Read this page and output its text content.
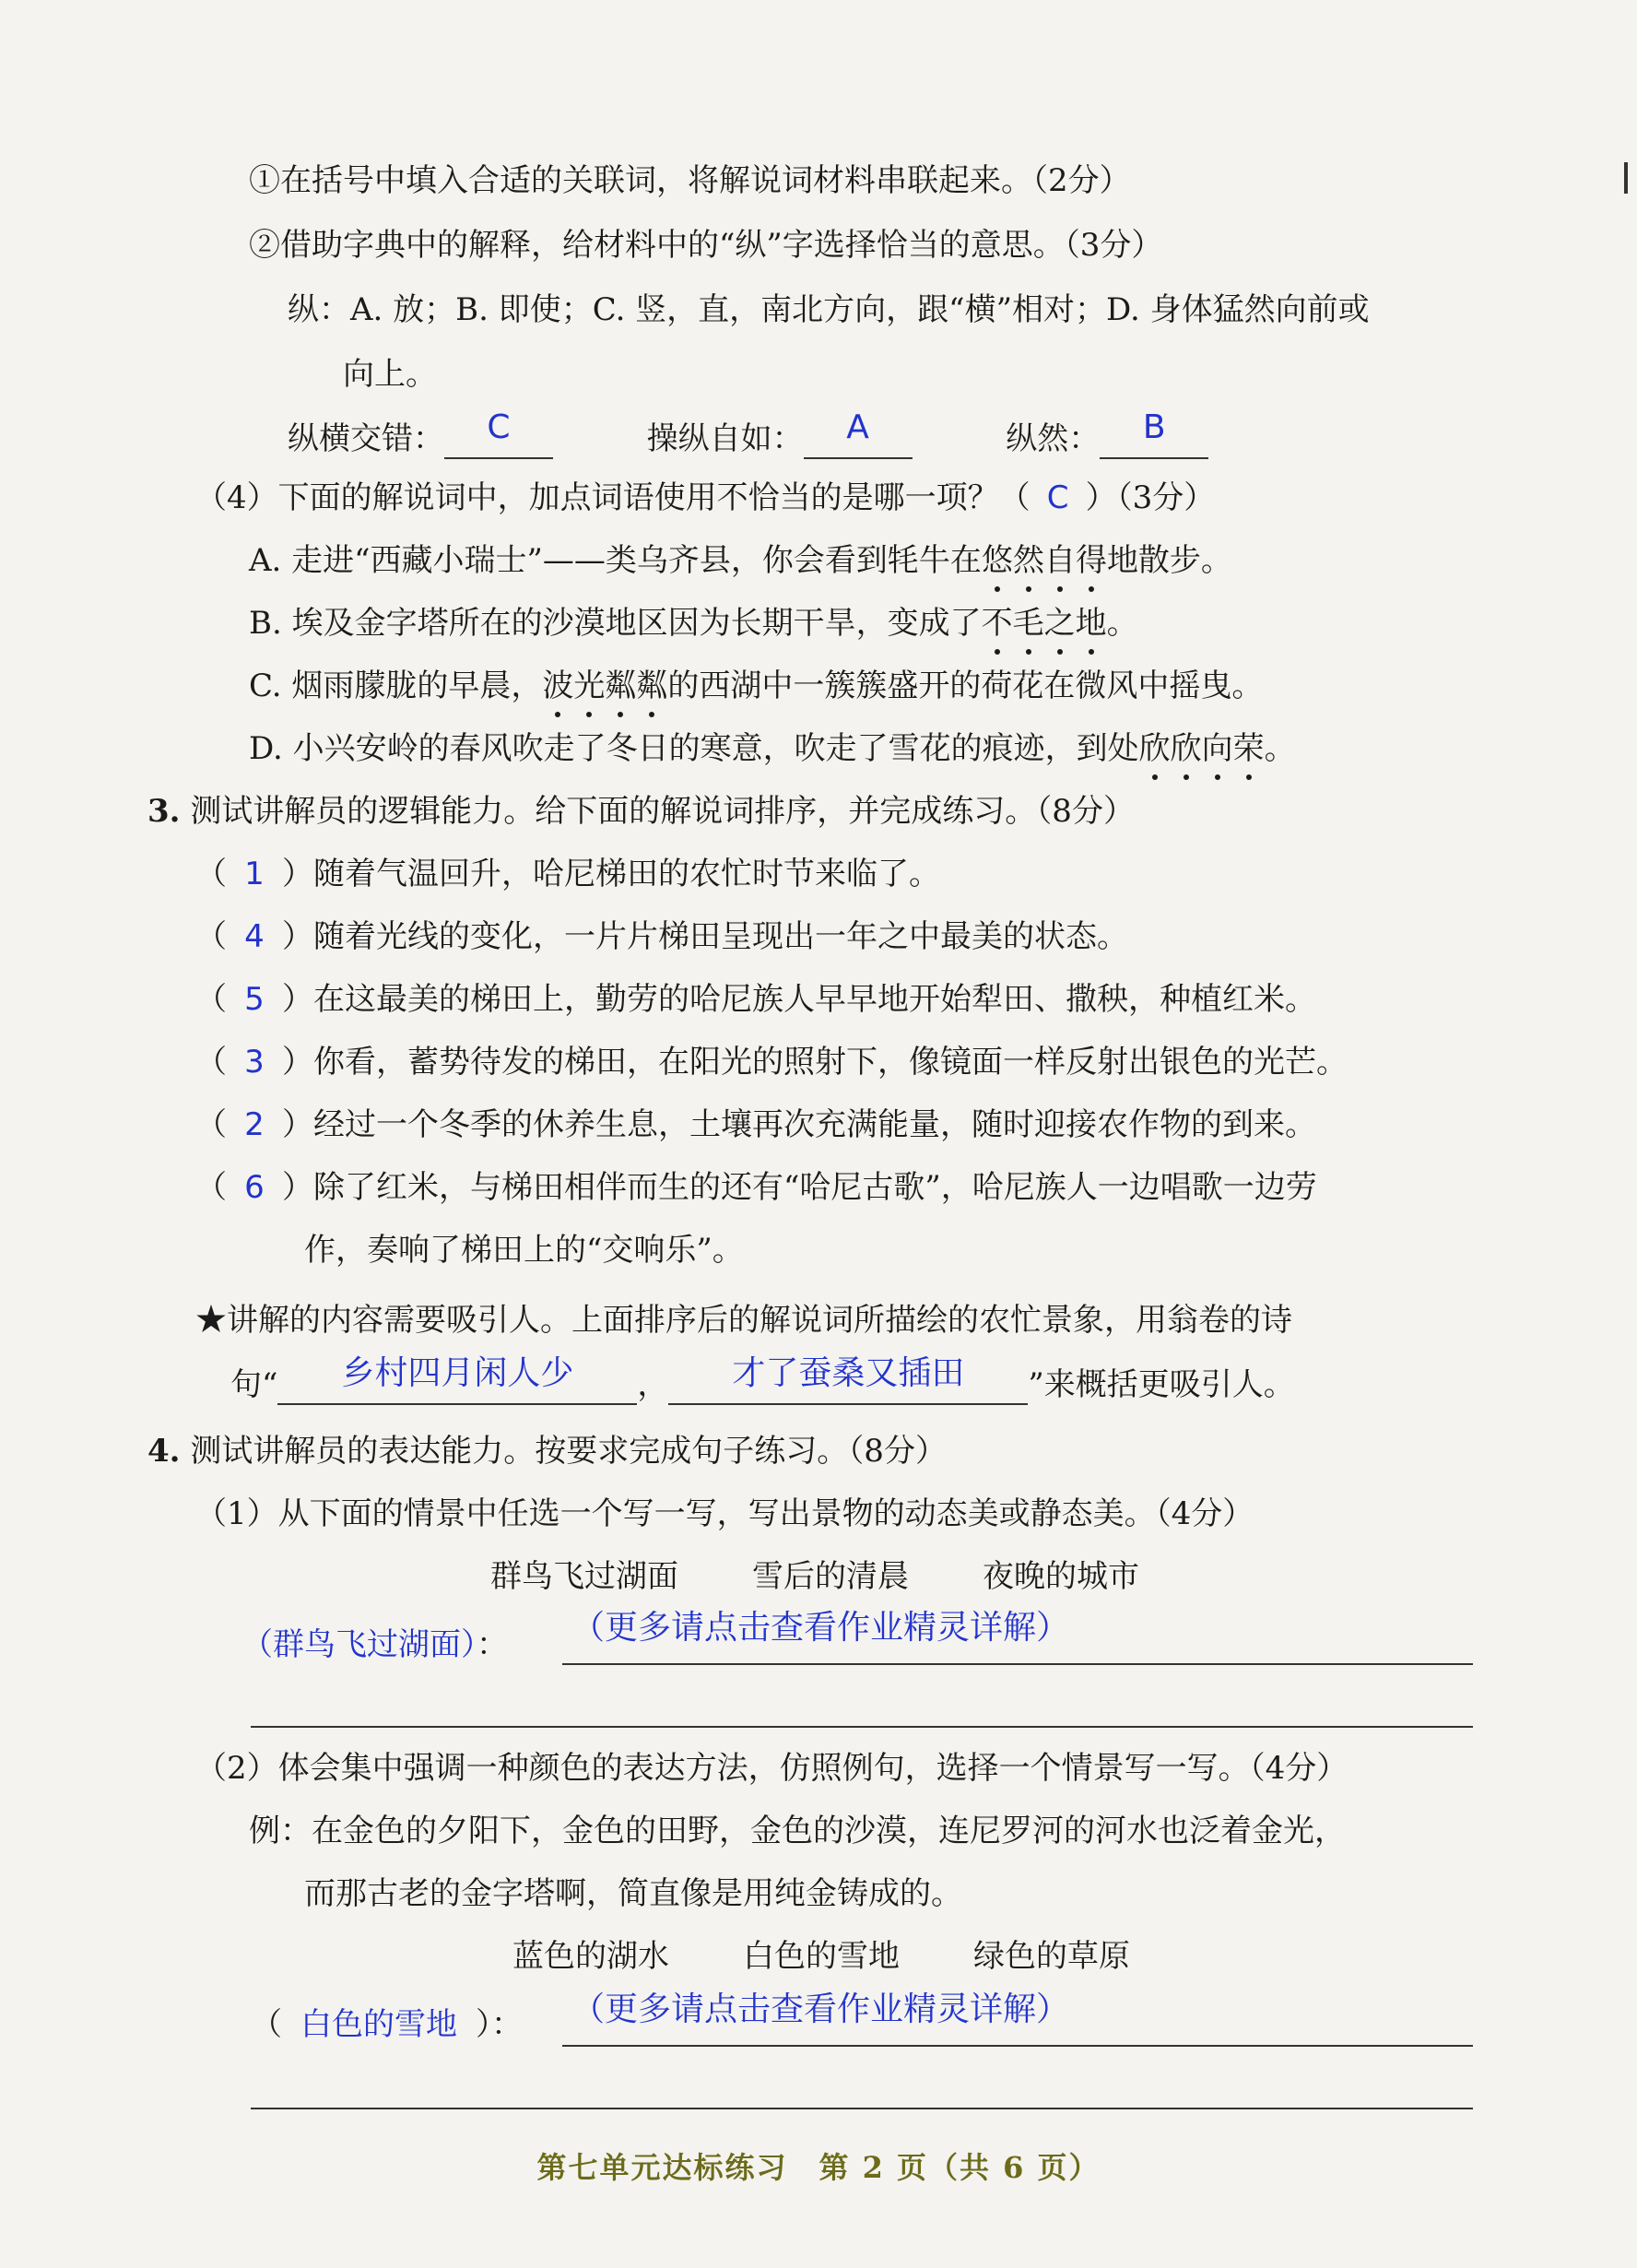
①在括号中填入合适的关联词，将解说词材料串联起来。（2分）
②借助字典中的解释，给材料中的“纵”字选择恰当的意思。（3分）
纵：A. 放；B. 即使；C. 竖，直，南北方向，跟“横”相对；D. 身体猛然向前或
向上。
纵横交错：	C	操纵自如：	A	纵然：	B
（4）下面的解说词中，加点词语使用不恰当的是哪一项？（ C ）（3分）
A. 走进“西藏小瑞士”——类乌齐县，你会看到牦牛在悠然自得地散步。
B. 埃及金字塔所在的沙漠地区因为长期干旱，变成了不毛之地。
C. 烟雨朦胧的早晨，波光粼粼的西湖中一簇簇盛开的荷花在微风中摇曳。
D. 小兴安岭的春风吹走了冬日的寒意，吹走了雪花的痕迹，到处欣欣向荣。
3. 测试讲解员的逻辑能力。给下面的解说词排序，并完成练习。（8分）
（ 1 ）随着气温回升，哈尼梯田的农忙时节来临了。
（ 4 ）随着光线的变化，一片片梯田呈现出一年之中最美的状态。
（ 5 ）在这最美的梯田上，勤劳的哈尼族人早早地开始犁田、撒秧，种植红米。
（ 3 ）你看，蓄势待发的梯田，在阳光的照射下，像镜面一样反射出银色的光芒。
（ 2 ）经过一个冬季的休养生息，土壤再次充满能量，随时迎接农作物的到来。
（ 6 ）除了红米，与梯田相伴而生的还有“哈尼古歌”，哈尼族人一边唱歌一边劳
作，奏响了梯田上的“交响乐”。
★讲解的内容需要吸引人。上面排序后的解说词所描绘的农忙景象，用翁卷的诗
句“	乡村四月闲人少	，	才了蚕桑又插田	”来概括更吸引人。
4. 测试讲解员的表达能力。按要求完成句子练习。（8分）
（1）从下面的情景中任选一个写一写，写出景物的动态美或静态美。（4分）
群鸟飞过湖面 雪后的清晨 夜晚的城市
（群鸟飞过湖面）： （更多请点击查看作业精灵详解）
（2）体会集中强调一种颜色的表达方法，仿照例句，选择一个情景写一写。（4分）
例：在金色的夕阳下，金色的田野，金色的沙漠，连尼罗河的河水也泛着金光，
而那古老的金字塔啊，简直像是用纯金铸成的。
蓝色的湖水 白色的雪地 绿色的草原
（ 白色的雪地 ）： （更多请点击查看作业精灵详解）
第七单元达标练习　第 2 页（共 6 页）
